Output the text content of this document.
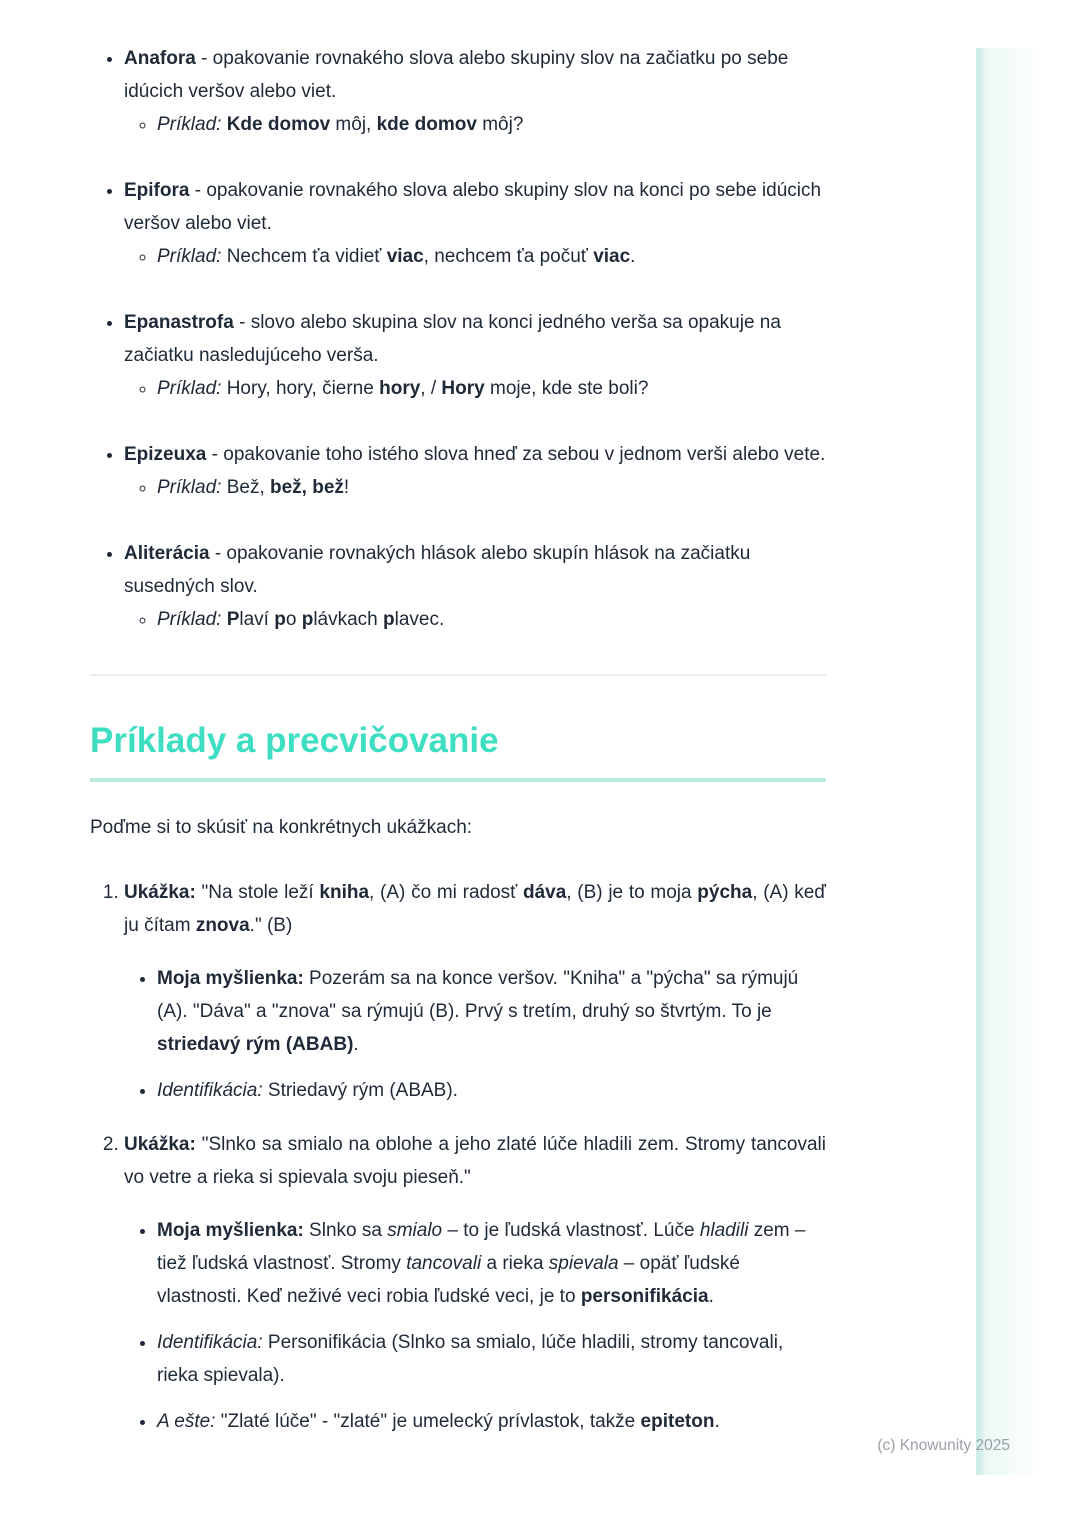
• Anafora - opakovanie rovnakého slova alebo skupiny slov na začiatku po sebe idúcich veršov alebo viet.

◦ Príklad: Kde domov môj, kde domov môj?

• Epifora - opakovanie rovnakého slova alebo skupiny slov na konci po sebe idúcich veršov alebo viet.

◦ Príklad: Nechcem ťa vidieť viac, nechcem ťa počuť viac.

• Epanastrofa - slovo alebo skupina slov na konci jedného verša sa opakuje na začiatku nasledujúceho verša.

◦ Príklad: Hory, hory, čierne hory, / Hory moje, kde ste boli?

• Epizeuxa - opakovanie toho istého slova hneď za sebou v jednom verši alebo vete.

◦ Príklad: Bež, bež, bež!

• Aliterácia - opakovanie rovnakých hlások alebo skupín hlások na začiatku susedných slov.

◦ Príklad: Plaví po plávkach plavec.

Príklady a precvičovanie

Poďme si to skúsiť na konkrétnych ukážkach:

1. Ukážka: "Na stole leží kniha, (A) čo mi radosť dáva, (B) je to moja pýcha, (A) keď ju čítam znova." (B)

• Moja myšlienka: Pozerám sa na konce veršov. "Kniha" a "pýcha" sa rýmujú (A). "Dáva" a "znova" sa rýmujú (B). Prvý s tretím, druhý so štvrtým. To je striedavý rým (ABAB).

• Identifikácia: Striedavý rým (ABAB).

2. Ukážka: "Slnko sa smialo na oblohe a jeho zlaté lúče hladili zem. Stromy tancovali vo vetre a rieka si spievala svoju pieseň."

• Moja myšlienka: Slnko sa smialo – to je ľudská vlastnosť. Lúče hladili zem – tiež ľudská vlastnosť. Stromy tancovali a rieka spievala – opäť ľudské vlastnosti. Keď neživé veci robia ľudské veci, je to personifikácia.

• Identifikácia: Personifikácia (Slnko sa smialo, lúče hladili, stromy tancovali, rieka spievala).

• A ešte: "Zlaté lúče" - "zlaté" je umelecký prívlastok, takže epiteton.

(c) Knowunity 2025
